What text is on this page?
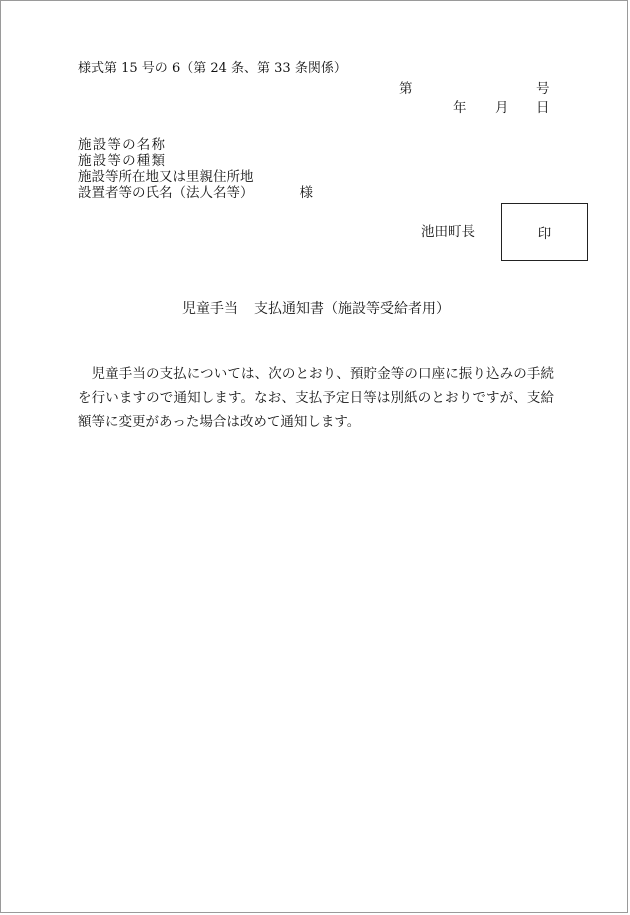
様式第 15 号の 6（第 24 条、第 33 条関係）
第	号
年 月 日
施設等の名称
施設等の種類
施設等所在地又は里親住所地
設置者等の氏名（法人名等）	様
池田町長	印
児童手当 支払通知書（施設等受給者用）
児童手当の支払については、次のとおり、預貯金等の口座に振り込みの手続を行いますので通知します。なお、支払予定日等は別紙のとおりですが、支給額等に変更があった場合は改めて通知します。
